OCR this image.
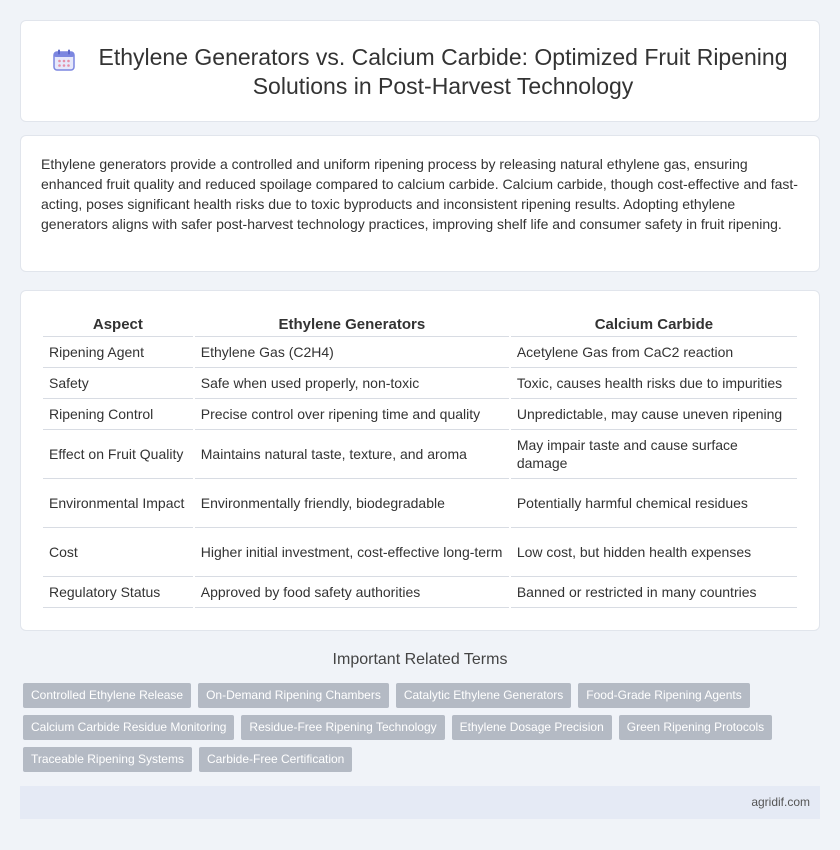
Ethylene Generators vs. Calcium Carbide: Optimized Fruit Ripening Solutions in Post-Harvest Technology

Ethylene generators provide a controlled and uniform ripening process by releasing natural ethylene gas, ensuring enhanced fruit quality and reduced spoilage compared to calcium carbide. Calcium carbide, though cost-effective and fast-acting, poses significant health risks due to toxic byproducts and inconsistent ripening results. Adopting ethylene generators aligns with safer post-harvest technology practices, improving shelf life and consumer safety in fruit ripening.

Aspect	Ethylene Generators	Calcium Carbide
Ripening Agent	Ethylene Gas (C2H4)	Acetylene Gas from CaC2 reaction
Safety	Safe when used properly, non-toxic	Toxic, causes health risks due to impurities
Ripening Control	Precise control over ripening time and quality	Unpredictable, may cause uneven ripening
Effect on Fruit Quality	Maintains natural taste, texture, and aroma	May impair taste and cause surface damage
Environmental Impact	Environmentally friendly, biodegradable	Potentially harmful chemical residues
Cost	Higher initial investment, cost-effective long-term	Low cost, but hidden health expenses
Regulatory Status	Approved by food safety authorities	Banned or restricted in many countries
Important Related Terms
Controlled Ethylene Release	On-Demand Ripening Chambers	Catalytic Ethylene Generators	Food-Grade Ripening Agents
Calcium Carbide Residue Monitoring	Residue-Free Ripening Technology	Ethylene Dosage Precision	Green Ripening Protocols
Traceable Ripening Systems	Carbide-Free Certification
agridif.com
